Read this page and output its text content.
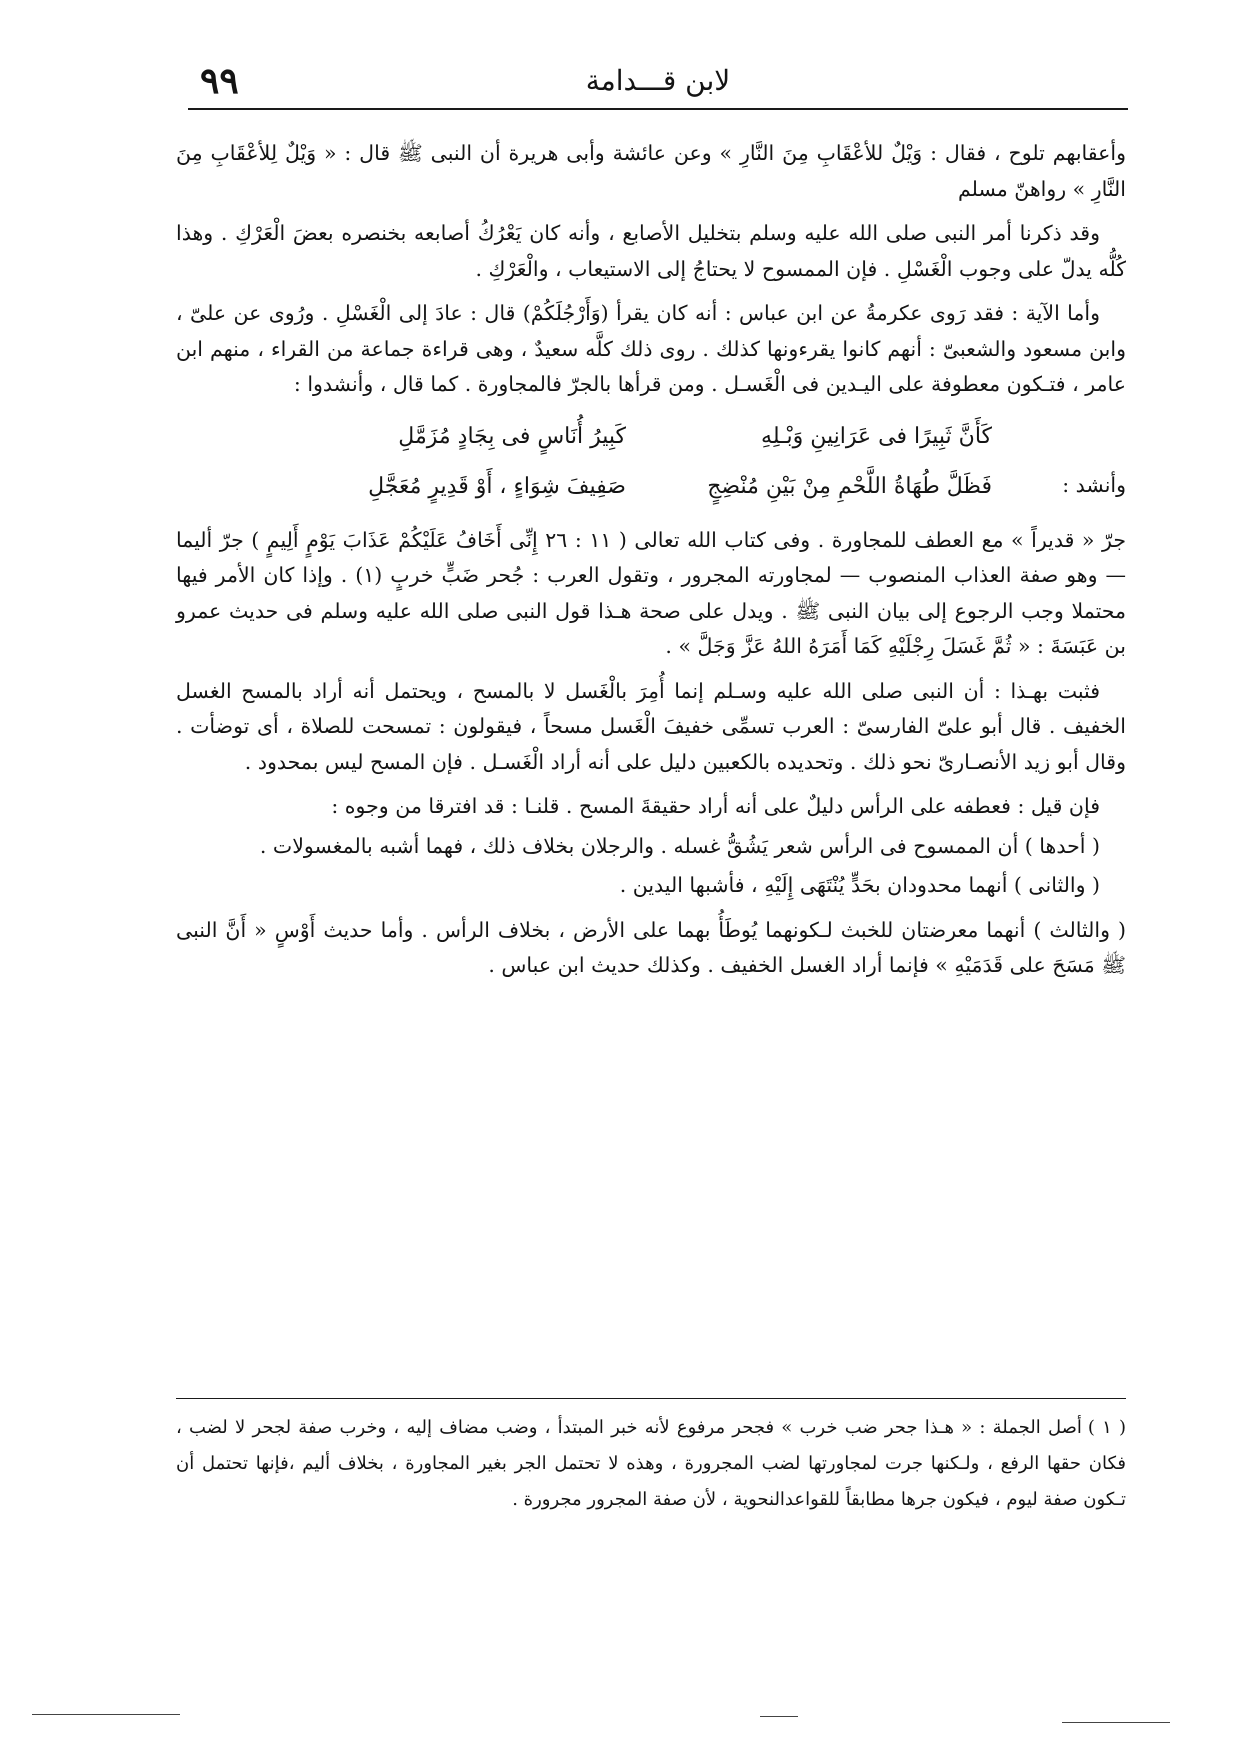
٩٩	لابن قـــدامة

وأعقابهم تلوح ، فقال : وَيْلٌ للأعْقَابِ مِنَ النَّارِ » وعن عائشة وأبى هريرة أن النبى ﷺ قال : « وَيْلٌ لِلأعْقَابِ مِنَ النَّارِ » رواهنّ مسلم

وقد ذكرنا أمر النبى صلى الله عليه وسلم بتخليل الأصابع ، وأنه كان يَعْرُكُ أصابعه بخنصره بعضَ الْعَرْكِ . وهذا كُلُّه يدلّ على وجوب الْغَسْلِ . فإن الممسوح لا يحتاجُ إلى الاستيعاب ، والْعَرْكِ .

وأما الآية : فقد رَوى عكرمةُ عن ابن عباس : أنه كان يقرأ (وَأَرْجُلَكُمْ) قال : عادَ إلى الْغَسْلِ . ورُوى عن علىّ ، وابن مسعود والشعبىّ : أنهم كانوا يقرءونها كذلك . روى ذلك كلَّه سعيدٌ ، وهى قراءة جماعة من القراء ، منهم ابن عامر ، فتـكون معطوفة على اليـدين فى الْغَسـل . ومن قرأها بالجرّ فالمجاورة . كما قال ، وأنشدوا :

كَأَنَّ ثَبِيرًا فى عَرَانِينِ وَبْـلِهِ
كَبِيرُ أُنَاسٍ فى بِجَادٍ مُزَمَّلِ
وأنشد :
فَظَلَّ طُهَاةُ اللَّحْمِ مِنْ بَيْنِ مُنْضِجٍ
صَفِيفَ شِوَاءٍ ، أَوْ قَدِيرٍ مُعَجَّلِ

جرّ « قديراً » مع العطف للمجاورة . وفى كتاب الله تعالى ( ١١ : ٢٦ إِنِّى أَخَافُ عَلَيْكُمْ عَذَابَ يَوْمٍ أَلِيمٍ ) جرّ أليما — وهو صفة العذاب المنصوب — لمجاورته المجرور ، وتقول العرب : جُحر ضَبٍّ خربٍ (١) . وإذا كان الأمر فيها محتملا وجب الرجوع إلى بيان النبى ﷺ . ويدل على صحة هـذا قول النبى صلى الله عليه وسلم فى حديث عمرو بن عَبَسَةَ : « ثُمَّ غَسَلَ رِجْلَيْهِ كَمَا أَمَرَهُ اللهُ عَزَّ وَجَلَّ » .

فثبت بهـذا : أن النبى صلى الله عليه وسـلم إنما أُمِرَ بالْغَسل لا بالمسح ، ويحتمل أنه أراد بالمسح الغسل الخفيف . قال أبو علىّ الفارسىّ : العرب تسمِّى خفيفَ الْغَسل مسحاً ، فيقولون : تمسحت للصلاة ، أى توضأت . وقال أبو زيد الأنصـارىّ نحو ذلك . وتحديده بالكعبين دليل على أنه أراد الْغَسـل . فإن المسح ليس بمحدود .

فإن قيل : فعطفه على الرأس دليلٌ على أنه أراد حقيقةَ المسح . قلنـا : قد افترقا من وجوه :

( أحدها ) أن الممسوح فى الرأس شعر يَشُقُّ غسله . والرجلان بخلاف ذلك ، فهما أشبه بالمغسولات .

( والثانى ) أنهما محدودان بحَدٍّ يُنْتَهَى إِلَيْهِ ، فأشبها اليدين .

( والثالث ) أنهما معرضتان للخبث لـكونهما يُوطَأُ بهما على الأرض ، بخلاف الرأس . وأما حديث أَوْسٍ « أَنَّ النبى ﷺ مَسَحَ على قَدَمَيْهِ » فإنما أراد الغسل الخفيف . وكذلك حديث ابن عباس .

( ١ )أصل الجملة : « هـذا جحر ضب خرب » فجحر مرفوع لأنه خبر المبتدأ ، وضب مضاف إليه ، وخرب صفة لجحر لا لضب ، فكان حقها الرفع ، ولـكنها جرت لمجاورتها لضب المجرورة ، وهذه لا تحتمل الجر بغير المجاورة ، بخلاف أليم ،فإنها تحتمل أن تـكون صفة ليوم ، فيكون جرها مطابقاً للقواعدالنحوية ، لأن صفة المجرور مجرورة .
